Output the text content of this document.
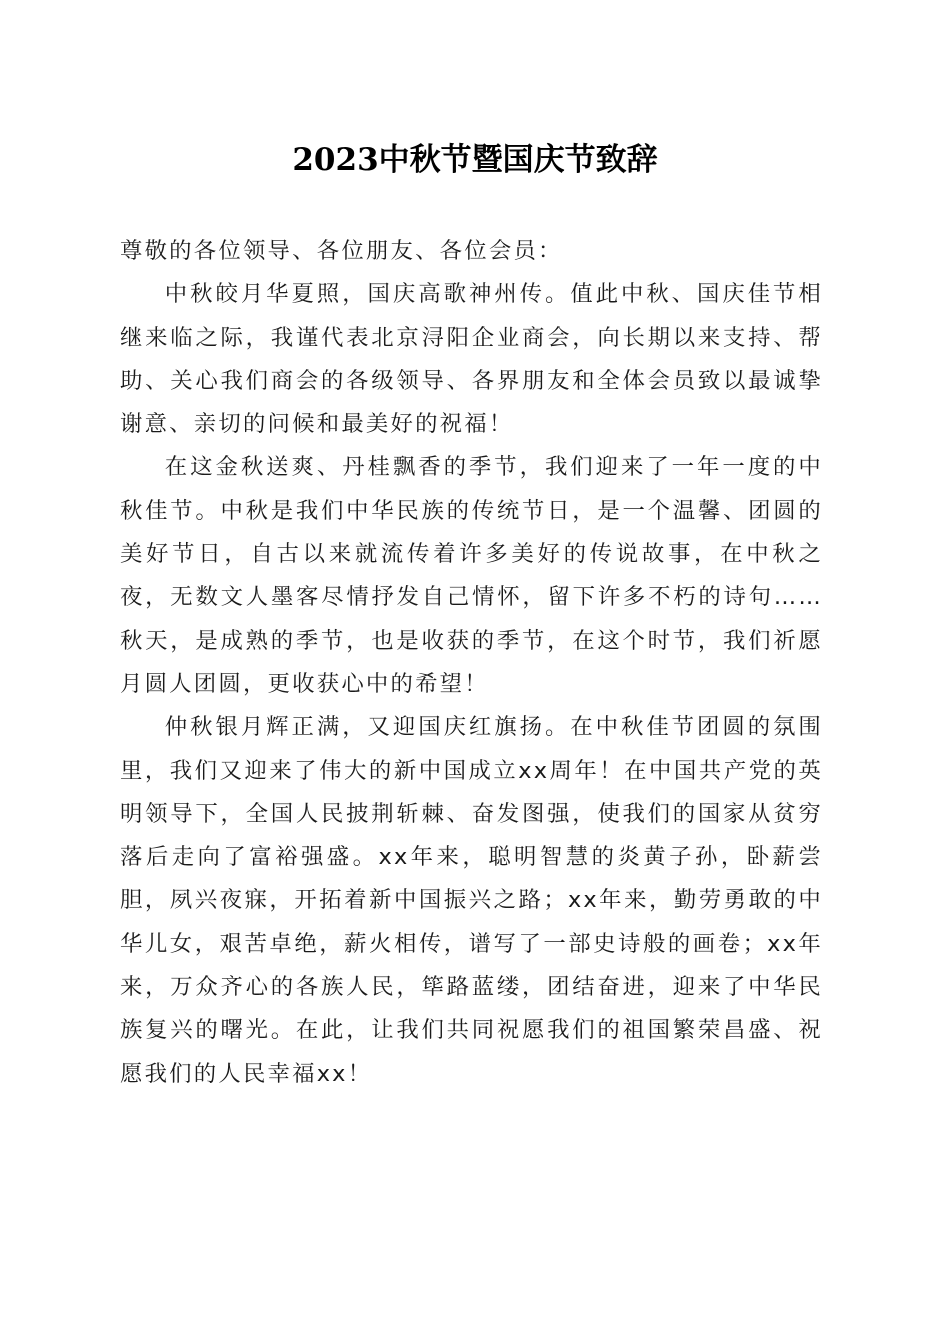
2023中秋节暨国庆节致辞

尊敬的各位领导、各位朋友、各位会员：

中秋皎月华夏照，国庆高歌神州传。值此中秋、国庆佳节相继来临之际，我谨代表北京浔阳企业商会，向长期以来支持、帮助、关心我们商会的各级领导、各界朋友和全体会员致以最诚挚谢意、亲切的问候和最美好的祝福！

在这金秋送爽、丹桂飘香的季节，我们迎来了一年一度的中秋佳节。中秋是我们中华民族的传统节日，是一个温馨、团圆的美好节日，自古以来就流传着许多美好的传说故事，在中秋之夜，无数文人墨客尽情抒发自己情怀，留下许多不朽的诗句……秋天，是成熟的季节，也是收获的季节，在这个时节，我们祈愿月圆人团圆，更收获心中的希望！

仲秋银月辉正满，又迎国庆红旗扬。在中秋佳节团圆的氛围里，我们又迎来了伟大的新中国成立xx周年！在中国共产党的英明领导下，全国人民披荆斩棘、奋发图强，使我们的国家从贫穷落后走向了富裕强盛。xx年来，聪明智慧的炎黄子孙，卧薪尝胆，夙兴夜寐，开拓着新中国振兴之路；xx年来，勤劳勇敢的中华儿女，艰苦卓绝，薪火相传，谱写了一部史诗般的画卷；xx年来，万众齐心的各族人民，筚路蓝缕，团结奋进，迎来了中华民族复兴的曙光。在此，让我们共同祝愿我们的祖国繁荣昌盛、祝愿我们的人民幸福xx！
